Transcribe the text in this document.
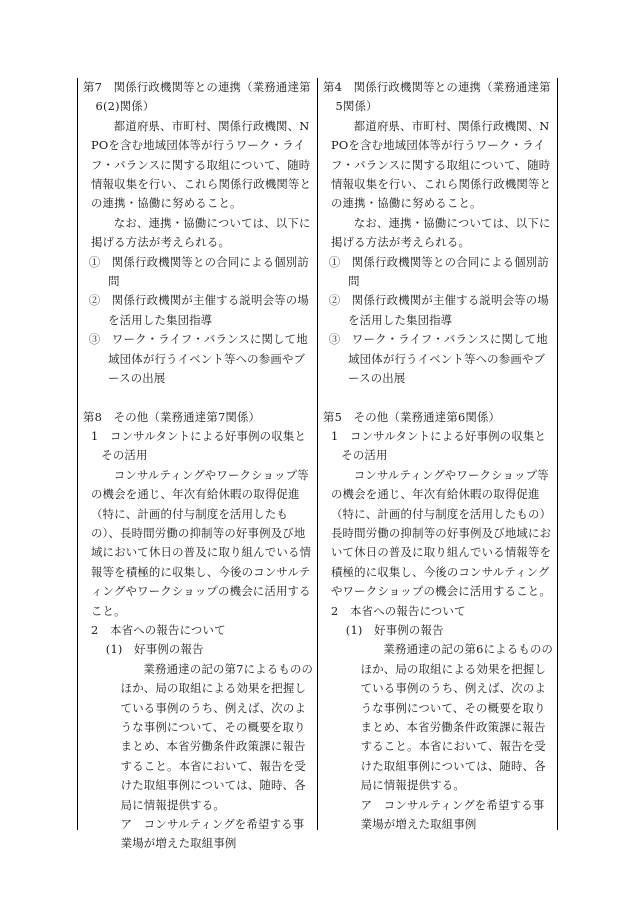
第7　関係行政機関等との連携（業務通達第6(2)関係）

都道府県、市町村、関係行政機関、NPOを含む地域団体等が行うワーク・ライフ・バランスに関する取組について、随時情報収集を行い、これら関係行政機関等との連携・協働に努めること。

なお、連携・協働については、以下に掲げる方法が考えられる。

①　関係行政機関等との合同による個別訪問

②　関係行政機関が主催する説明会等の場を活用した集団指導

③　ワーク・ライフ・バランスに関して地域団体が行うイベント等への参画やブースの出展

第8　その他（業務通達第7関係）

1　コンサルタントによる好事例の収集とその活用

コンサルティングやワークショップ等の機会を通じ、年次有給休暇の取得促進（特に、計画的付与制度を活用したもの）、長時間労働の抑制等の好事例及び地域において休日の普及に取り組んでいる情報等を積極的に収集し、今後のコンサルティングやワークショップの機会に活用すること。

2　本省への報告について

(1)　好事例の報告

業務通達の記の第7によるもののほか、局の取組による効果を把握している事例のうち、例えば、次のような事例について、その概要を取りまとめ、本省労働条件政策課に報告すること。本省において、報告を受けた取組事例については、随時、各局に情報提供する。

ア　コンサルティングを希望する事業場が増えた取組事例

第4　関係行政機関等との連携（業務通達第5関係）

都道府県、市町村、関係行政機関、NPOを含む地域団体等が行うワーク・ライフ・バランスに関する取組について、随時情報収集を行い、これら関係行政機関等との連携・協働に努めること。

なお、連携・協働については、以下に掲げる方法が考えられる。

①　関係行政機関等との合同による個別訪問

②　関係行政機関が主催する説明会等の場を活用した集団指導

③　ワーク・ライフ・バランスに関して地域団体が行うイベント等への参画やブースの出展

第5　その他（業務通達第6関係）

1　コンサルタントによる好事例の収集とその活用

コンサルティングやワークショップ等の機会を通じ、年次有給休暇の取得促進（特に、計画的付与制度を活用したもの）長時間労働の抑制等の好事例及び地域において休日の普及に取り組んでいる情報等を積極的に収集し、今後のコンサルティングやワークショップの機会に活用すること。

2　本省への報告について

(1)　好事例の報告

業務通達の記の第6によるもののほか、局の取組による効果を把握している事例のうち、例えば、次のような事例について、その概要を取りまとめ、本省労働条件政策課に報告すること。本省において、報告を受けた取組事例については、随時、各局に情報提供する。

ア　コンサルティングを希望する事業場が増えた取組事例
